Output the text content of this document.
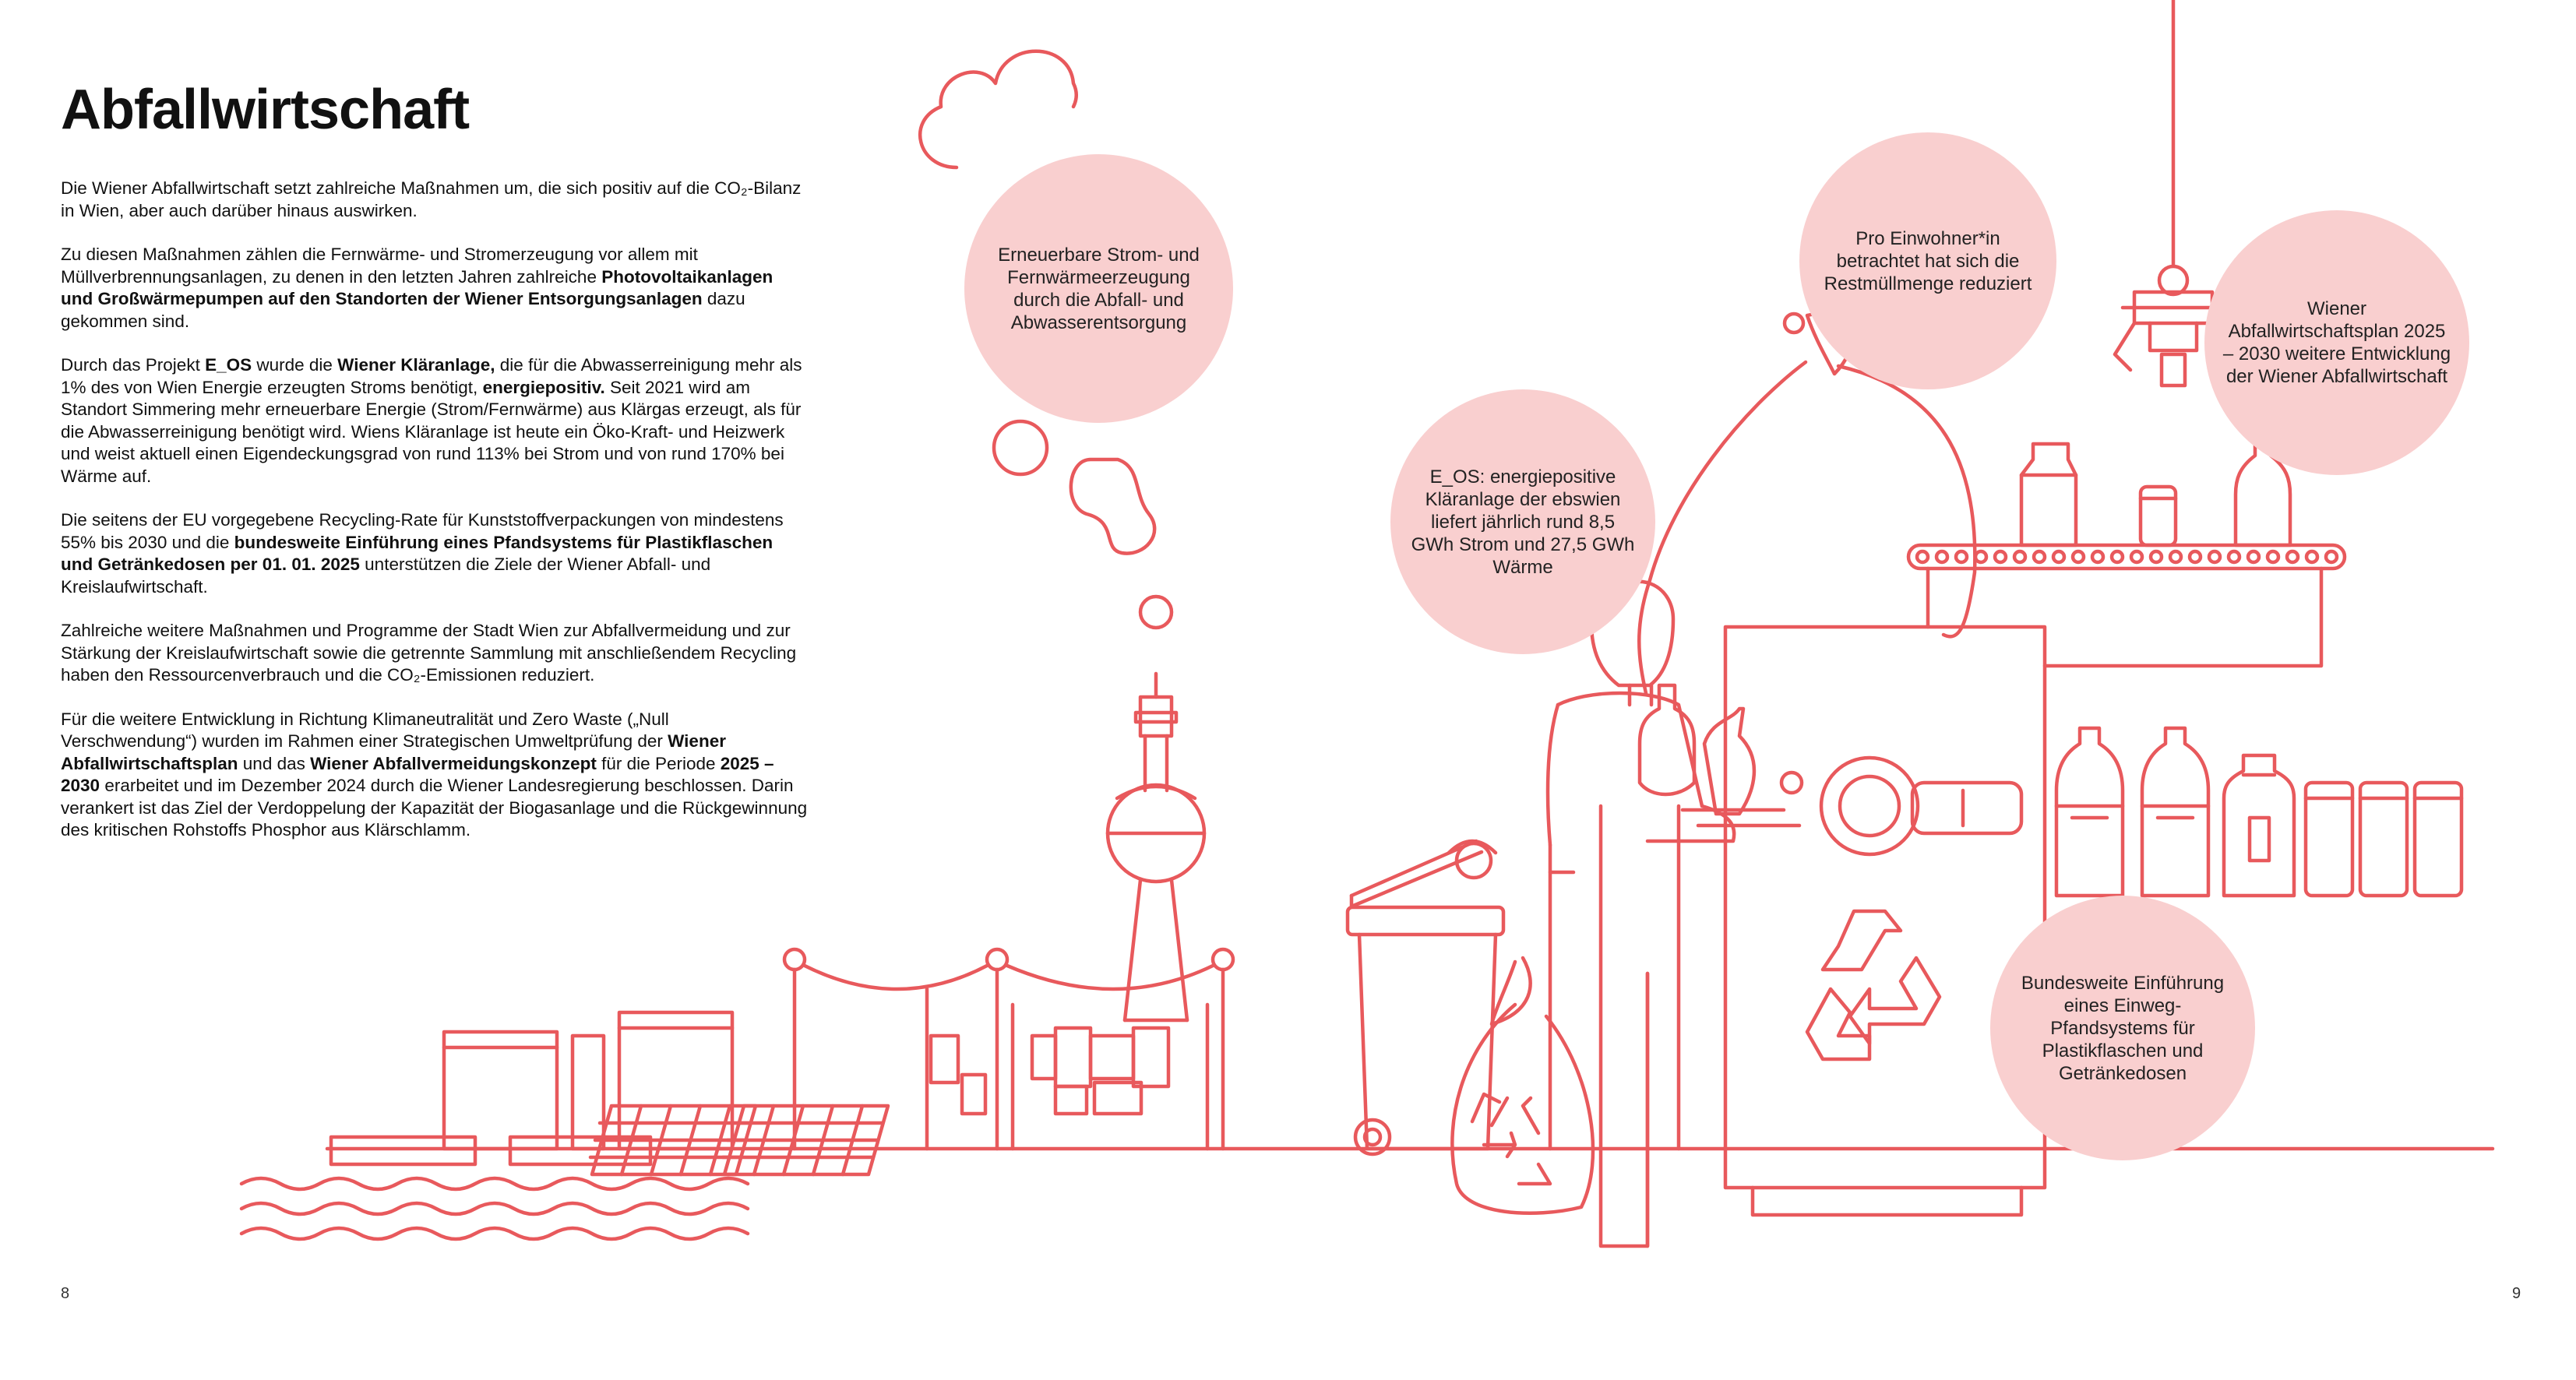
Abfallwirtschaft

Die Wiener Abfallwirtschaft setzt zahlreiche Maßnahmen um, die sich positiv auf die CO₂-Bilanz in Wien, aber auch darüber hinaus auswirken.

Zu diesen Maßnahmen zählen die Fernwärme- und Stromerzeugung vor allem mit Müllverbrennungsanlagen, zu denen in den letzten Jahren zahlreiche Photovoltaikanlagen und Großwärmepumpen auf den Standorten der Wiener Entsorgungsanlagen dazu gekommen sind.

Durch das Projekt E_OS wurde die Wiener Kläranlage, die für die Abwasserreinigung mehr als 1% des von Wien Energie erzeugten Stroms benötigt, energiepositiv. Seit 2021 wird am Standort Simmering mehr erneuerbare Energie (Strom/Fernwärme) aus Klärgas erzeugt, als für die Abwasserreinigung benötigt wird. Wiens Kläranlage ist heute ein Öko-Kraft- und Heizwerk und weist aktuell einen Eigendeckungsgrad von rund 113% bei Strom und von rund 170% bei Wärme auf.

Die seitens der EU vorgegebene Recycling-Rate für Kunststoffverpackungen von mindestens 55% bis 2030 und die bundesweite Einführung eines Pfandsystems für Plastikflaschen und Getränkedosen per 01. 01. 2025 unterstützen die Ziele der Wiener Abfall- und Kreislaufwirtschaft.

Zahlreiche weitere Maßnahmen und Programme der Stadt Wien zur Abfallvermeidung und zur Stärkung der Kreislaufwirtschaft sowie die getrennte Sammlung mit anschließendem Recycling haben den Ressourcenverbrauch und die CO₂-Emissionen reduziert.

Für die weitere Entwicklung in Richtung Klimaneutralität und Zero Waste („Null Verschwendung“) wurden im Rahmen einer Strategischen Umweltprüfung der Wiener Abfallwirtschaftsplan und das Wiener Abfallvermeidungskonzept für die Periode 2025 – 2030 erarbeitet und im Dezember 2024 durch die Wiener Landesregierung beschlossen. Darin verankert ist das Ziel der Verdoppelung der Kapazität der Biogasanlage und die Rückgewinnung des kritischen Rohstoffs Phosphor aus Klärschlamm.

Erneuerbare Strom- und Fernwärmeerzeugung durch die Abfall- und Abwasserentsorgung
E_OS: energiepositive Kläranlage der ebswien liefert jährlich rund 8,5 GWh Strom und 27,5 GWh Wärme
Pro Einwohner*in betrachtet hat sich die Restmüllmenge reduziert
Wiener Abfallwirtschaftsplan 2025 – 2030 weitere Entwicklung der Wiener Abfallwirtschaft
Bundesweite Einführung eines Einweg-Pfandsystems für Plastikflaschen und Getränkedosen
8	9
